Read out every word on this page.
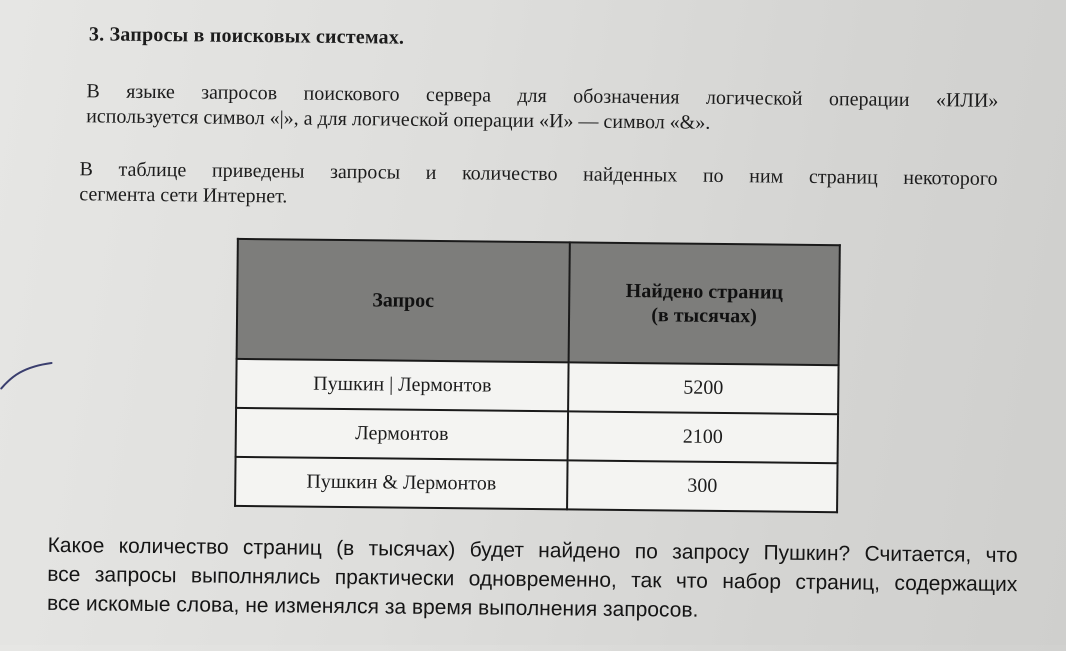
3. Запросы в поисковых системах.

В языке запросов поискового сервера для обозначения логической операции «ИЛИ»
используется символ «|», а для логической операции «И» — символ «&».

В таблице приведены запросы и количество найденных по ним страниц некоторого
сегмента сети Интернет.

Запрос	Найдено страниц
(в тысячах)
Пушкин | Лермонтов	5200
Лермонтов	2100
Пушкин & Лермонтов	300

Какое количество страниц (в тысячах) будет найдено по запросу Пушкин? Считается, что
все запросы выполнялись практически одновременно, так что набор страниц, содержащих
все искомые слова, не изменялся за время выполнения запросов.
